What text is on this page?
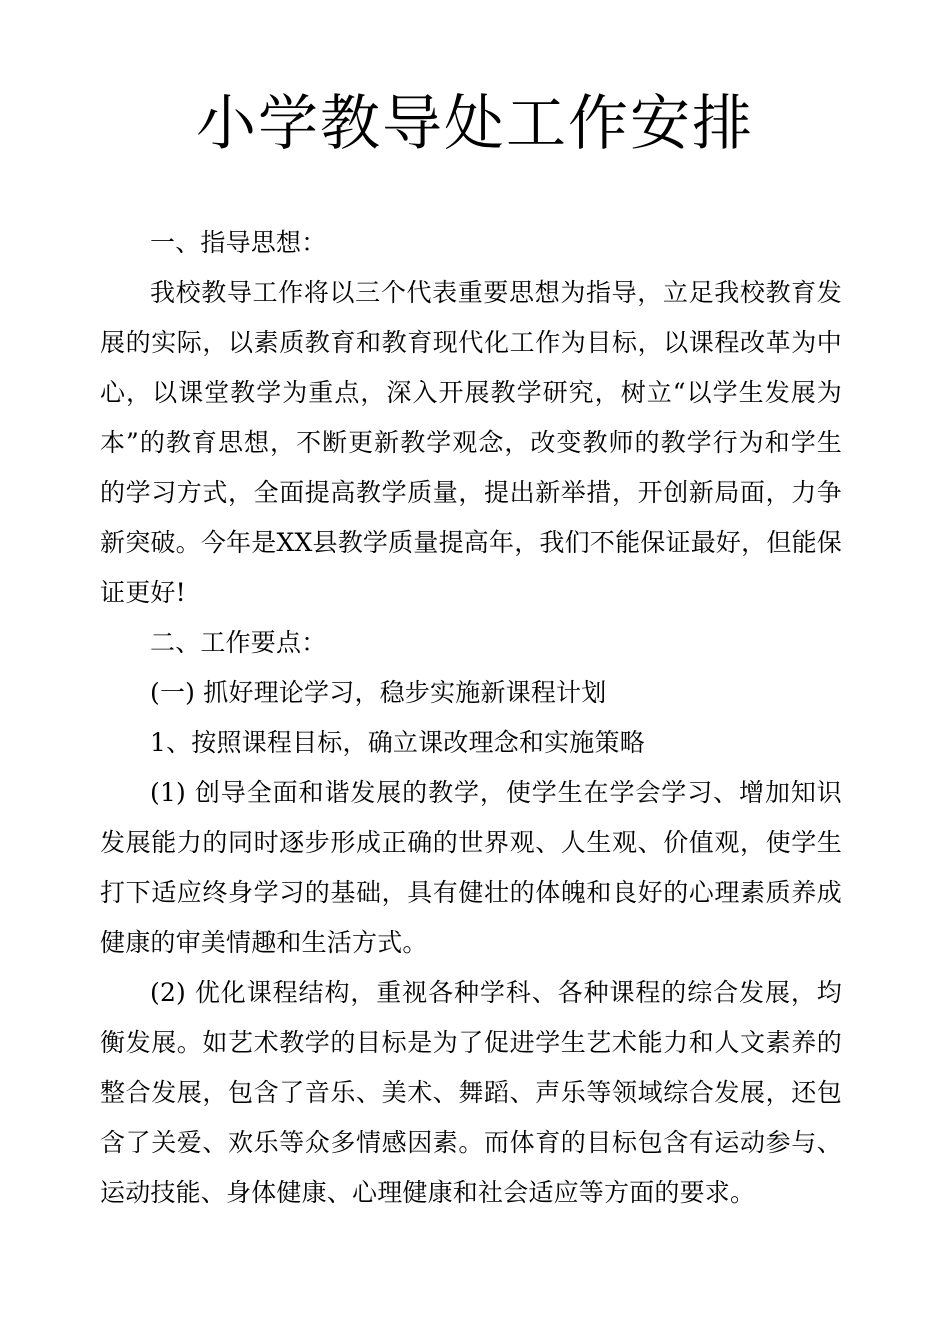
小学教导处工作安排

一、指导思想：

我校教导工作将以三个代表重要思想为指导，立足我校教育发展的实际，以素质教育和教育现代化工作为目标，以课程改革为中心，以课堂教学为重点，深入开展教学研究，树立“以学生发展为本”的教育思想，不断更新教学观念，改变教师的教学行为和学生的学习方式，全面提高教学质量，提出新举措，开创新局面，力争新突破。今年是XX县教学质量提高年，我们不能保证最好，但能保证更好!

二、工作要点：

(一) 抓好理论学习，稳步实施新课程计划

1、按照课程目标，确立课改理念和实施策略

(1) 创导全面和谐发展的教学，使学生在学会学习、增加知识发展能力的同时逐步形成正确的世界观、人生观、价值观，使学生打下适应终身学习的基础，具有健壮的体魄和良好的心理素质养成健康的审美情趣和生活方式。

(2) 优化课程结构，重视各种学科、各种课程的综合发展，均衡发展。如艺术教学的目标是为了促进学生艺术能力和人文素养的整合发展，包含了音乐、美术、舞蹈、声乐等领域综合发展，还包含了关爱、欢乐等众多情感因素。而体育的目标包含有运动参与、运动技能、身体健康、心理健康和社会适应等方面的要求。
